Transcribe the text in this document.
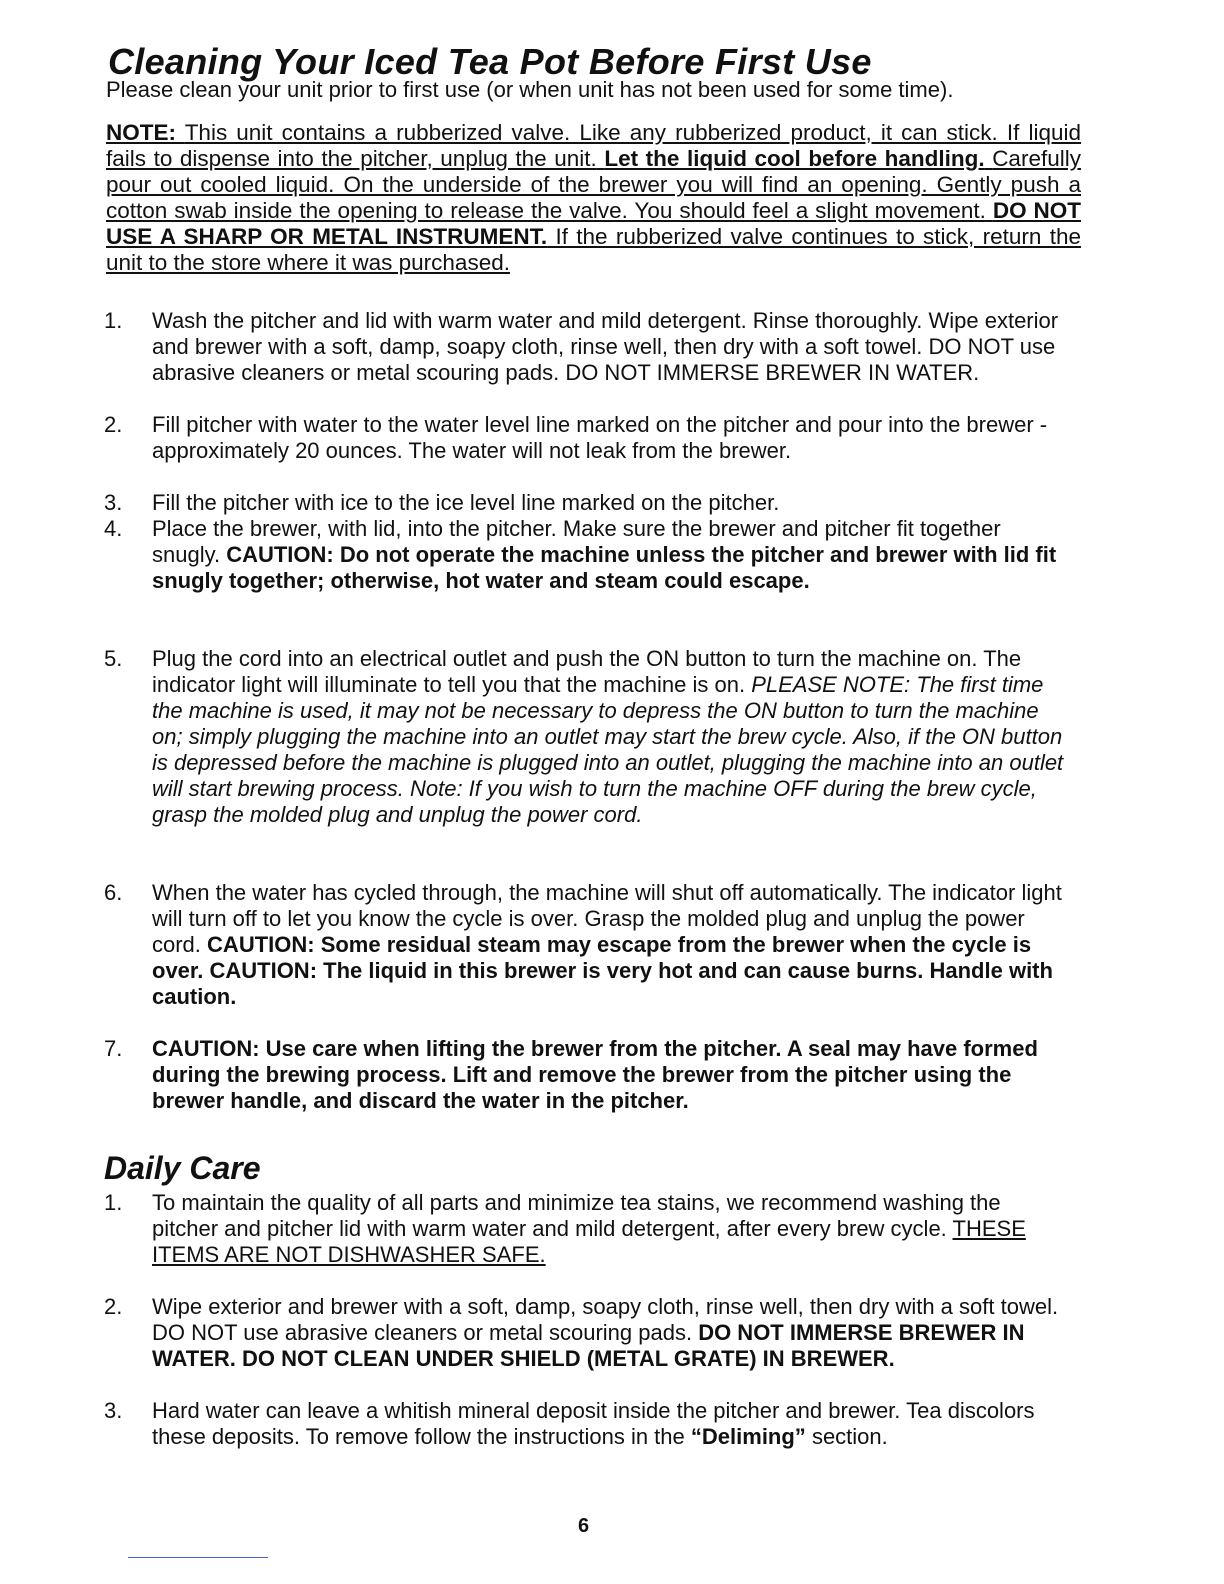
Cleaning Your Iced Tea Pot Before First Use
Please clean your unit prior to first use (or when unit has not been used for some time).
NOTE: This unit contains a rubberized valve. Like any rubberized product, it can stick. If liquid fails to dispense into the pitcher, unplug the unit. Let the liquid cool before handling. Carefully pour out cooled liquid. On the underside of the brewer you will find an opening. Gently push a cotton swab inside the opening to release the valve. You should feel a slight movement. DO NOT USE A SHARP OR METAL INSTRUMENT. If the rubberized valve continues to stick, return the unit to the store where it was purchased.
1. Wash the pitcher and lid with warm water and mild detergent. Rinse thoroughly. Wipe exterior and brewer with a soft, damp, soapy cloth, rinse well, then dry with a soft towel. DO NOT use abrasive cleaners or metal scouring pads. DO NOT IMMERSE BREWER IN WATER.
2. Fill pitcher with water to the water level line marked on the pitcher and pour into the brewer - approximately 20 ounces. The water will not leak from the brewer.
3. Fill the pitcher with ice to the ice level line marked on the pitcher.
4. Place the brewer, with lid, into the pitcher. Make sure the brewer and pitcher fit together snugly. CAUTION: Do not operate the machine unless the pitcher and brewer with lid fit snugly together; otherwise, hot water and steam could escape.
5. Plug the cord into an electrical outlet and push the ON button to turn the machine on. The indicator light will illuminate to tell you that the machine is on. PLEASE NOTE: The first time the machine is used, it may not be necessary to depress the ON button to turn the machine on; simply plugging the machine into an outlet may start the brew cycle. Also, if the ON button is depressed before the machine is plugged into an outlet, plugging the machine into an outlet will start brewing process. Note: If you wish to turn the machine OFF during the brew cycle, grasp the molded plug and unplug the power cord.
6. When the water has cycled through, the machine will shut off automatically. The indicator light will turn off to let you know the cycle is over. Grasp the molded plug and unplug the power cord. CAUTION: Some residual steam may escape from the brewer when the cycle is over. CAUTION: The liquid in this brewer is very hot and can cause burns. Handle with caution.
7. CAUTION: Use care when lifting the brewer from the pitcher. A seal may have formed during the brewing process. Lift and remove the brewer from the pitcher using the brewer handle, and discard the water in the pitcher.
Daily Care
1. To maintain the quality of all parts and minimize tea stains, we recommend washing the pitcher and pitcher lid with warm water and mild detergent, after every brew cycle. THESE ITEMS ARE NOT DISHWASHER SAFE.
2. Wipe exterior and brewer with a soft, damp, soapy cloth, rinse well, then dry with a soft towel. DO NOT use abrasive cleaners or metal scouring pads. DO NOT IMMERSE BREWER IN WATER. DO NOT CLEAN UNDER SHIELD (METAL GRATE) IN BREWER.
3. Hard water can leave a whitish mineral deposit inside the pitcher and brewer. Tea discolors these deposits. To remove follow the instructions in the “Deliming” section.
6
